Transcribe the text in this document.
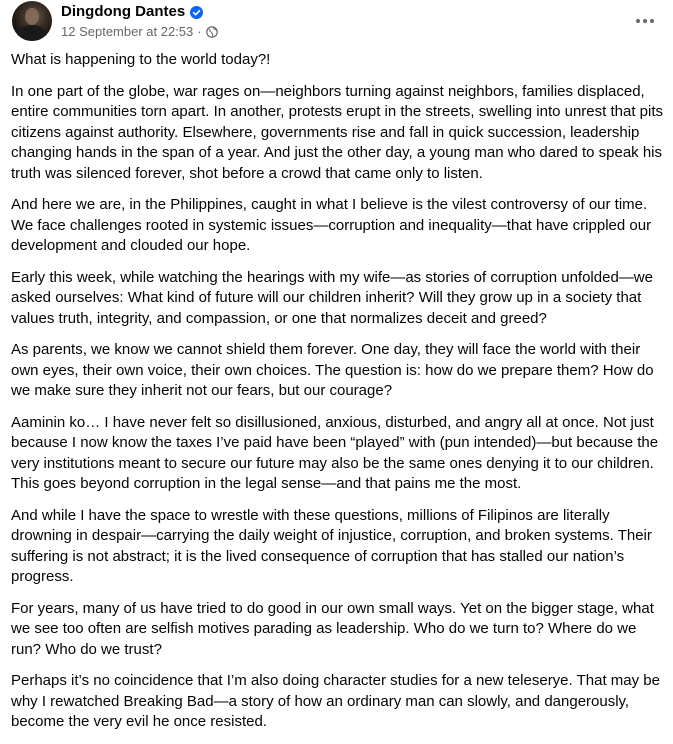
Dingdong Dantes
12 September at 22:53 ·

What is happening to the world today?!

In one part of the globe, war rages on—neighbors turning against neighbors, families displaced, entire communities torn apart. In another, protests erupt in the streets, swelling into unrest that pits citizens against authority. Elsewhere, governments rise and fall in quick succession, leadership changing hands in the span of a year. And just the other day, a young man who dared to speak his truth was silenced forever, shot before a crowd that came only to listen.

And here we are, in the Philippines, caught in what I believe is the vilest controversy of our time. We face challenges rooted in systemic issues—corruption and inequality—that have crippled our development and clouded our hope.

Early this week, while watching the hearings with my wife—as stories of corruption unfolded—we asked ourselves: What kind of future will our children inherit? Will they grow up in a society that values truth, integrity, and compassion, or one that normalizes deceit and greed?

As parents, we know we cannot shield them forever. One day, they will face the world with their own eyes, their own voice, their own choices. The question is: how do we prepare them? How do we make sure they inherit not our fears, but our courage?

Aaminin ko… I have never felt so disillusioned, anxious, disturbed, and angry all at once. Not just because I now know the taxes I’ve paid have been “played” with (pun intended)—but because the very institutions meant to secure our future may also be the same ones denying it to our children. This goes beyond corruption in the legal sense—and that pains me the most.

And while I have the space to wrestle with these questions, millions of Filipinos are literally drowning in despair—carrying the daily weight of injustice, corruption, and broken systems. Their suffering is not abstract; it is the lived consequence of corruption that has stalled our nation’s progress.

For years, many of us have tried to do good in our own small ways. Yet on the bigger stage, what we see too often are selfish motives parading as leadership. Who do we turn to? Where do we run? Who do we trust?

Perhaps it’s no coincidence that I’m also doing character studies for a new teleserye. That may be why I rewatched Breaking Bad—a story of how an ordinary man can slowly, and dangerously, become the very evil he once resisted.
